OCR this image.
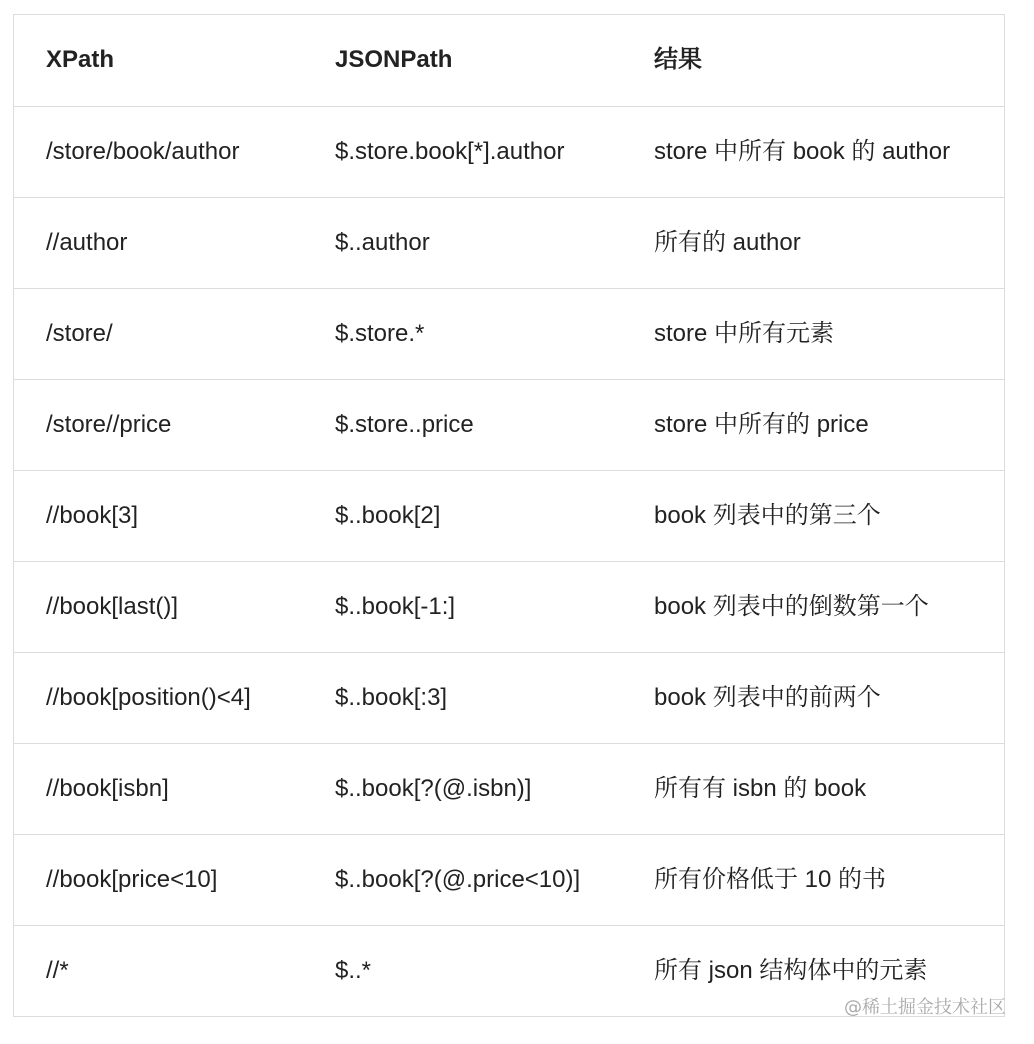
XPath	JSONPath	结果
/store/book/author	$.store.book[*].author	store 中所有 book 的 author
//author	$..author	所有的 author
/store/	$.store.*	store 中所有元素
/store//price	$.store..price	store 中所有的 price
//book[3]	$..book[2]	book 列表中的第三个
//book[last()]	$..book[-1:]	book 列表中的倒数第一个
//book[position()<4]	$..book[:3]	book 列表中的前两个
//book[isbn]	$..book[?(@.isbn)]	所有有 isbn 的 book
//book[price<10]	$..book[?(@.price<10)]	所有价格低于 10 的书
//*	$..*	所有 json 结构体中的元素
@稀土掘金技术社区
